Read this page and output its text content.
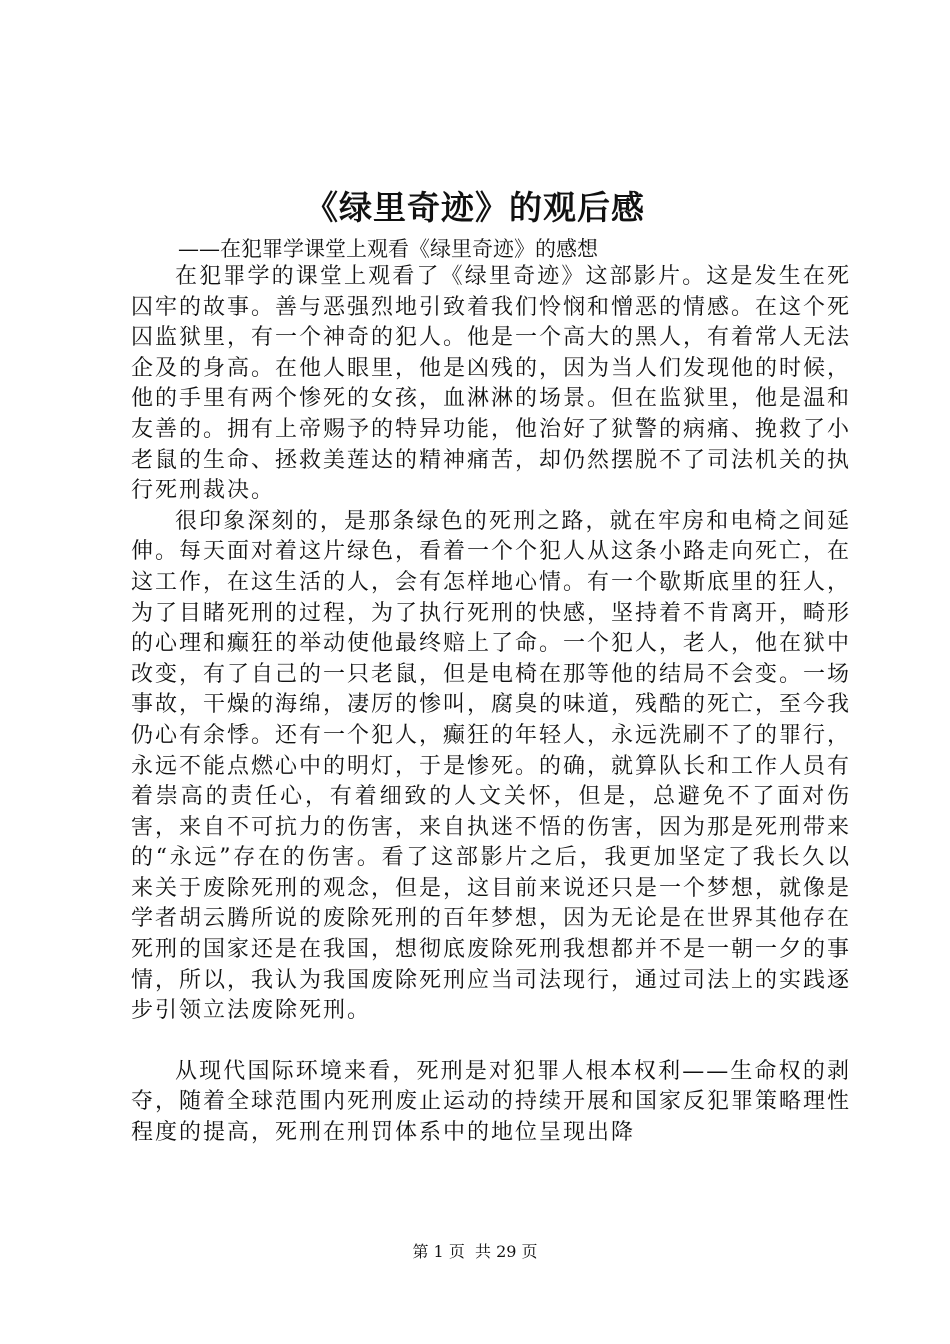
《绿里奇迹》的观后感
——在犯罪学课堂上观看《绿里奇迹》的感想

在犯罪学的课堂上观看了《绿里奇迹》这部影片。这是发生在死囚牢的故事。善与恶强烈地引致着我们怜悯和憎恶的情感。在这个死囚监狱里，有一个神奇的犯人。他是一个高大的黑人，有着常人无法企及的身高。在他人眼里，他是凶残的，因为当人们发现他的时候，他的手里有两个惨死的女孩，血淋淋的场景。但在监狱里，他是温和友善的。拥有上帝赐予的特异功能，他治好了狱警的病痛、挽救了小老鼠的生命、拯救美莲达的精神痛苦，却仍然摆脱不了司法机关的执行死刑裁决。

很印象深刻的，是那条绿色的死刑之路，就在牢房和电椅之间延伸。每天面对着这片绿色，看着一个个犯人从这条小路走向死亡，在这工作，在这生活的人，会有怎样地心情。有一个歇斯底里的狂人，为了目睹死刑的过程，为了执行死刑的快感，坚持着不肯离开，畸形的心理和癫狂的举动使他最终赔上了命。一个犯人，老人，他在狱中改变，有了自己的一只老鼠，但是电椅在那等他的结局不会变。一场事故，干燥的海绵，凄厉的惨叫，腐臭的味道，残酷的死亡，至今我仍心有余悸。还有一个犯人，癫狂的年轻人，永远洗刷不了的罪行，永远不能点燃心中的明灯，于是惨死。的确，就算队长和工作人员有着崇高的责任心，有着细致的人文关怀，但是，总避免不了面对伤害，来自不可抗力的伤害，来自执迷不悟的伤害，因为那是死刑带来的“永远”存在的伤害。看了这部影片之后，我更加坚定了我长久以来关于废除死刑的观念，但是，这目前来说还只是一个梦想，就像是学者胡云腾所说的废除死刑的百年梦想，因为无论是在世界其他存在死刑的国家还是在我国，想彻底废除死刑我想都并不是一朝一夕的事情，所以，我认为我国废除死刑应当司法现行，通过司法上的实践逐步引领立法废除死刑。

从现代国际环境来看，死刑是对犯罪人根本权利——生命权的剥夺，随着全球范围内死刑废止运动的持续开展和国家反犯罪策略理性程度的提高，死刑在刑罚体系中的地位呈现出降

第 1 页  共 29 页
